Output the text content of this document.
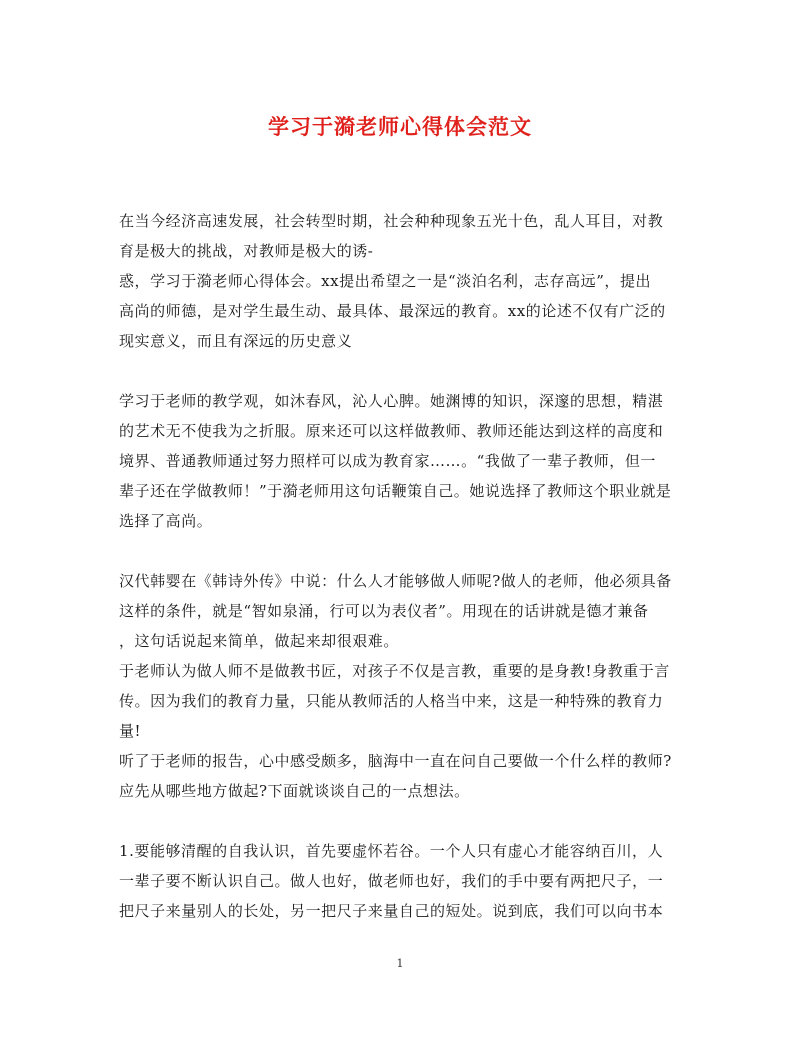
学习于漪老师心得体会范文
在当今经济高速发展，社会转型时期，社会种种现象五光十色，乱人耳目，对教
育是极大的挑战，对教师是极大的诱-
惑，学习于漪老师心得体会。xx提出希望之一是“淡泊名利，志存高远”，提出
高尚的师德，是对学生最生动、最具体、最深远的教育。xx的论述不仅有广泛的
现实意义，而且有深远的历史意义
学习于老师的教学观，如沐春风，沁人心脾。她渊博的知识，深邃的思想，精湛
的艺术无不使我为之折服。原来还可以这样做教师、教师还能达到这样的高度和
境界、普通教师通过努力照样可以成为教育家……。“我做了一辈子教师，但一
辈子还在学做教师！”于漪老师用这句话鞭策自己。她说选择了教师这个职业就是
选择了高尚。
汉代韩婴在《韩诗外传》中说：什么人才能够做人师呢?做人的老师，他必须具备
这样的条件，就是“智如泉涌，行可以为表仪者”。用现在的话讲就是德才兼备
，这句话说起来简单，做起来却很艰难。
于老师认为做人师不是做教书匠，对孩子不仅是言教，重要的是身教!身教重于言
传。因为我们的教育力量，只能从教师活的人格当中来，这是一种特殊的教育力
量!
听了于老师的报告，心中感受颇多，脑海中一直在问自己要做一个什么样的教师?
应先从哪些地方做起?下面就谈谈自己的一点想法。
1.要能够清醒的自我认识，首先要虚怀若谷。一个人只有虚心才能容纳百川，人
一辈子要不断认识自己。做人也好，做老师也好，我们的手中要有两把尺子，一
把尺子来量别人的长处，另一把尺子来量自己的短处。说到底，我们可以向书本
1
